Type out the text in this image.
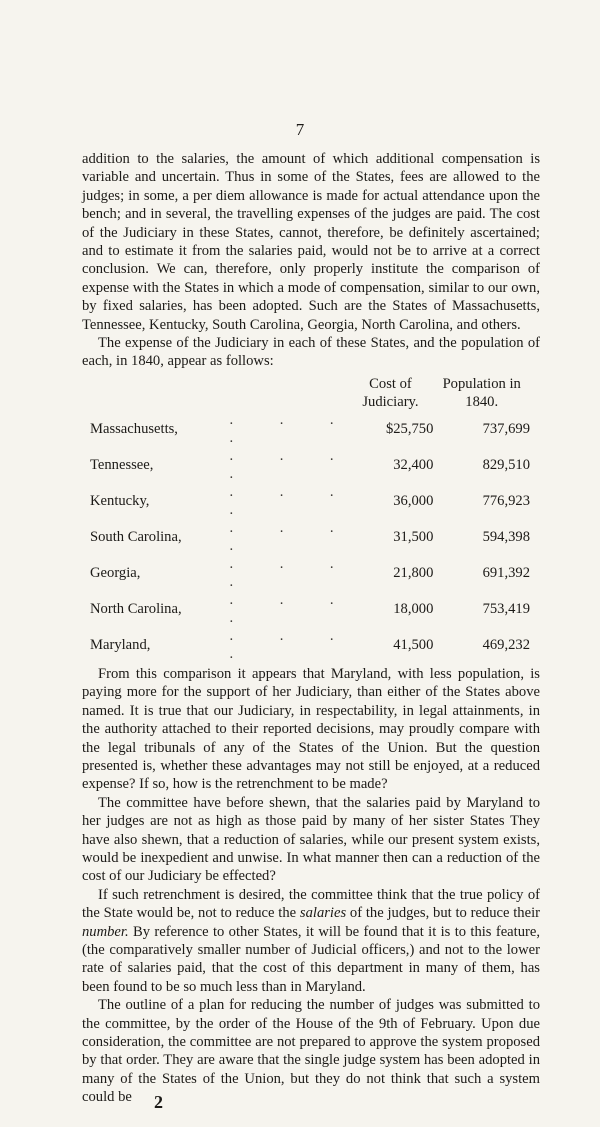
7

addition to the salaries, the amount of which additional compensation is variable and uncertain. Thus in some of the States, fees are allowed to the judges; in some, a per diem allowance is made for actual attendance upon the bench; and in several, the travelling expenses of the judges are paid. The cost of the Judiciary in these States, cannot, therefore, be definitely ascertained; and to estimate it from the salaries paid, would not be to arrive at a correct conclusion. We can, therefore, only properly institute the comparison of expense with the States in which a mode of compensation, similar to our own, by fixed salaries, has been adopted. Such are the States of Massachusetts, Tennessee, Kentucky, South Carolina, Georgia, North Carolina, and others.

The expense of the Judiciary in each of these States, and the population of each, in 1840, appear as follows:

		Cost of Judiciary.	Population in 1840.
Massachusetts,	. . . .	$25,750	737,699
Tennessee,	. . . .	32,400	829,510
Kentucky,	. . . .	36,000	776,923
South Carolina,	. . . .	31,500	594,398
Georgia,	. . . .	21,800	691,392
North Carolina,	. . . .	18,000	753,419
Maryland,	. . . .	41,500	469,232

From this comparison it appears that Maryland, with less population, is paying more for the support of her Judiciary, than either of the States above named. It is true that our Judiciary, in respectability, in legal attainments, in the authority attached to their reported decisions, may proudly compare with the legal tribunals of any of the States of the Union. But the question presented is, whether these advantages may not still be enjoyed, at a reduced expense? If so, how is the retrenchment to be made?

The committee have before shewn, that the salaries paid by Maryland to her judges are not as high as those paid by many of her sister States They have also shewn, that a reduction of salaries, while our present system exists, would be inexpedient and unwise. In what manner then can a reduction of the cost of our Judiciary be effected?

If such retrenchment is desired, the committee think that the true policy of the State would be, not to reduce the salaries of the judges, but to reduce their number. By reference to other States, it will be found that it is to this feature, (the comparatively smaller number of Judicial officers,) and not to the lower rate of salaries paid, that the cost of this department in many of them, has been found to be so much less than in Maryland.

The outline of a plan for reducing the number of judges was submitted to the committee, by the order of the House of the 9th of February. Upon due consideration, the committee are not prepared to approve the system proposed by that order. They are aware that the single judge system has been adopted in many of the States of the Union, but they do not think that such a system could be	2
